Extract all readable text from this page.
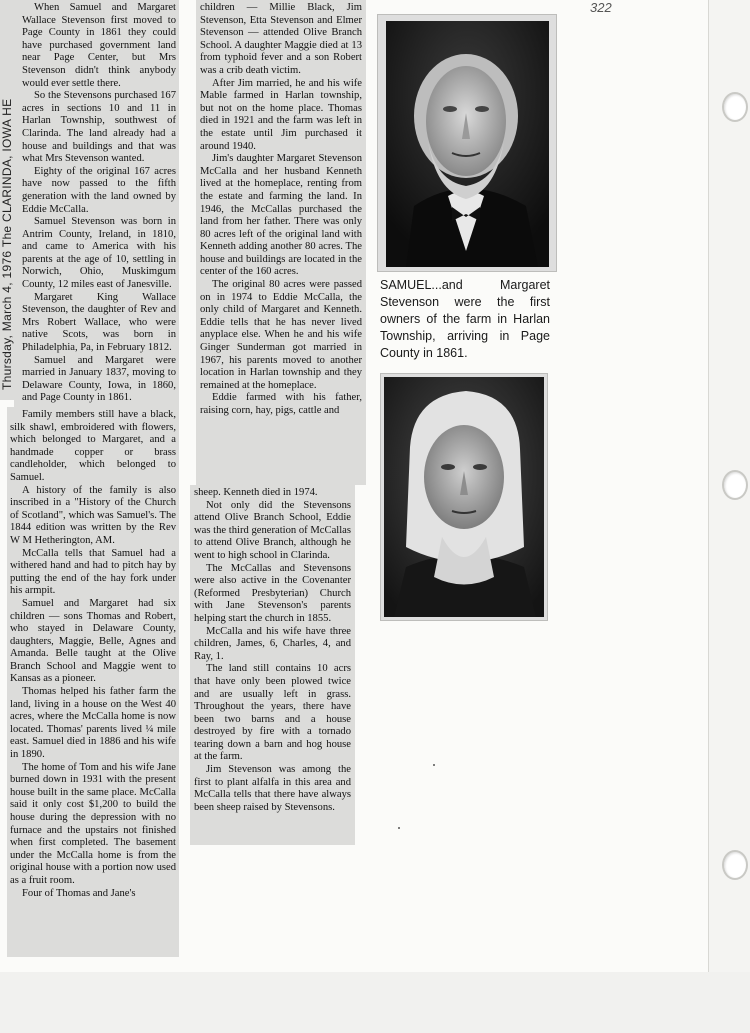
322
Thursday, March 4, 1976 The CLARINDA, IOWA HE

When Samuel and Margaret Wallace Stevenson first moved to Page County in 1861 they could have purchased government land near Page Center, but Mrs Stevenson didn't think anybody would ever settle there.

So the Stevensons purchased 167 acres in sections 10 and 11 in Harlan Township, southwest of Clarinda. The land already had a house and buildings and that was what Mrs Stevenson wanted.

Eighty of the original 167 acres have now passed to the fifth generation with the land owned by Eddie McCalla.

Samuel Stevenson was born in Antrim County, Ireland, in 1810, and came to America with his parents at the age of 10, settling in Norwich, Ohio, Muskimgum County, 12 miles east of Janesville.

Margaret King Wallace Stevenson, the daughter of Rev and Mrs Robert Wallace, who were native Scots, was born in Philadelphia, Pa, in February 1812.

Samuel and Margaret were married in January 1837, moving to Delaware County, Iowa, in 1860, and Page County in 1861.

Family members still have a black, silk shawl, embroidered with flowers, which belonged to Margaret, and a handmade copper or brass candleholder, which belonged to Samuel.

A history of the family is also inscribed in a "History of the Church of Scotland", which was Samuel's. The 1844 edition was written by the Rev W M Hetherington, AM.

McCalla tells that Samuel had a withered hand and had to pitch hay by putting the end of the hay fork under his armpit.

Samuel and Margaret had six children — sons Thomas and Robert, who stayed in Delaware County, daughters, Maggie, Belle, Agnes and Amanda. Belle taught at the Olive Branch School and Maggie went to Kansas as a pioneer.

Thomas helped his father farm the land, living in a house on the West 40 acres, where the McCalla home is now located. Thomas' parents lived ¼ mile east. Samuel died in 1886 and his wife in 1890.

The home of Tom and his wife Jane burned down in 1931 with the present house built in the same place. McCalla said it only cost $1,200 to build the house during the depression with no furnace and the upstairs not finished when first completed. The basement under the McCalla home is from the original house with a portion now used as a fruit room.

Four of Thomas and Jane's

children — Millie Black, Jim Stevenson, Etta Stevenson and Elmer Stevenson — attended Olive Branch School. A daughter Maggie died at 13 from typhoid fever and a son Robert was a crib death victim.

After Jim married, he and his wife Mable farmed in Harlan township, but not on the home place. Thomas died in 1921 and the farm was left in the estate until Jim purchased it around 1940.

Jim's daughter Margaret Stevenson McCalla and her husband Kenneth lived at the homeplace, renting from the estate and farming the land. In 1946, the McCallas purchased the land from her father. There was only 80 acres left of the original land with Kenneth adding another 80 acres. The house and buildings are located in the center of the 160 acres.

The original 80 acres were passed on in 1974 to Eddie McCalla, the only child of Margaret and Kenneth. Eddie tells that he has never lived anyplace else. When he and his wife Ginger Sunderman got married in 1967, his parents moved to another location in Harlan township and they remained at the homeplace.

Eddie farmed with his father, raising corn, hay, pigs, cattle and

sheep. Kenneth died in 1974.

Not only did the Stevensons attend Olive Branch School, Eddie was the third generation of McCallas to attend Olive Branch, although he went to high school in Clarinda.

The McCallas and Stevensons were also active in the Covenanter (Reformed Presbyterian) Church with Jane Stevenson's parents helping start the church in 1855.

McCalla and his wife have three children, James, 6, Charles, 4, and Ray, 1.

The land still contains 10 acrs that have only been plowed twice and are usually left in grass. Throughout the years, there have been two barns and a house destroyed by fire with a tornado tearing down a barn and hog house at the farm.

Jim Stevenson was among the first to plant alfalfa in this area and McCalla tells that there have always been sheep raised by Stevensons.

SAMUEL...and Margaret Stevenson were the first owners of the farm in Harlan Township, arriving in Page County in 1861.
